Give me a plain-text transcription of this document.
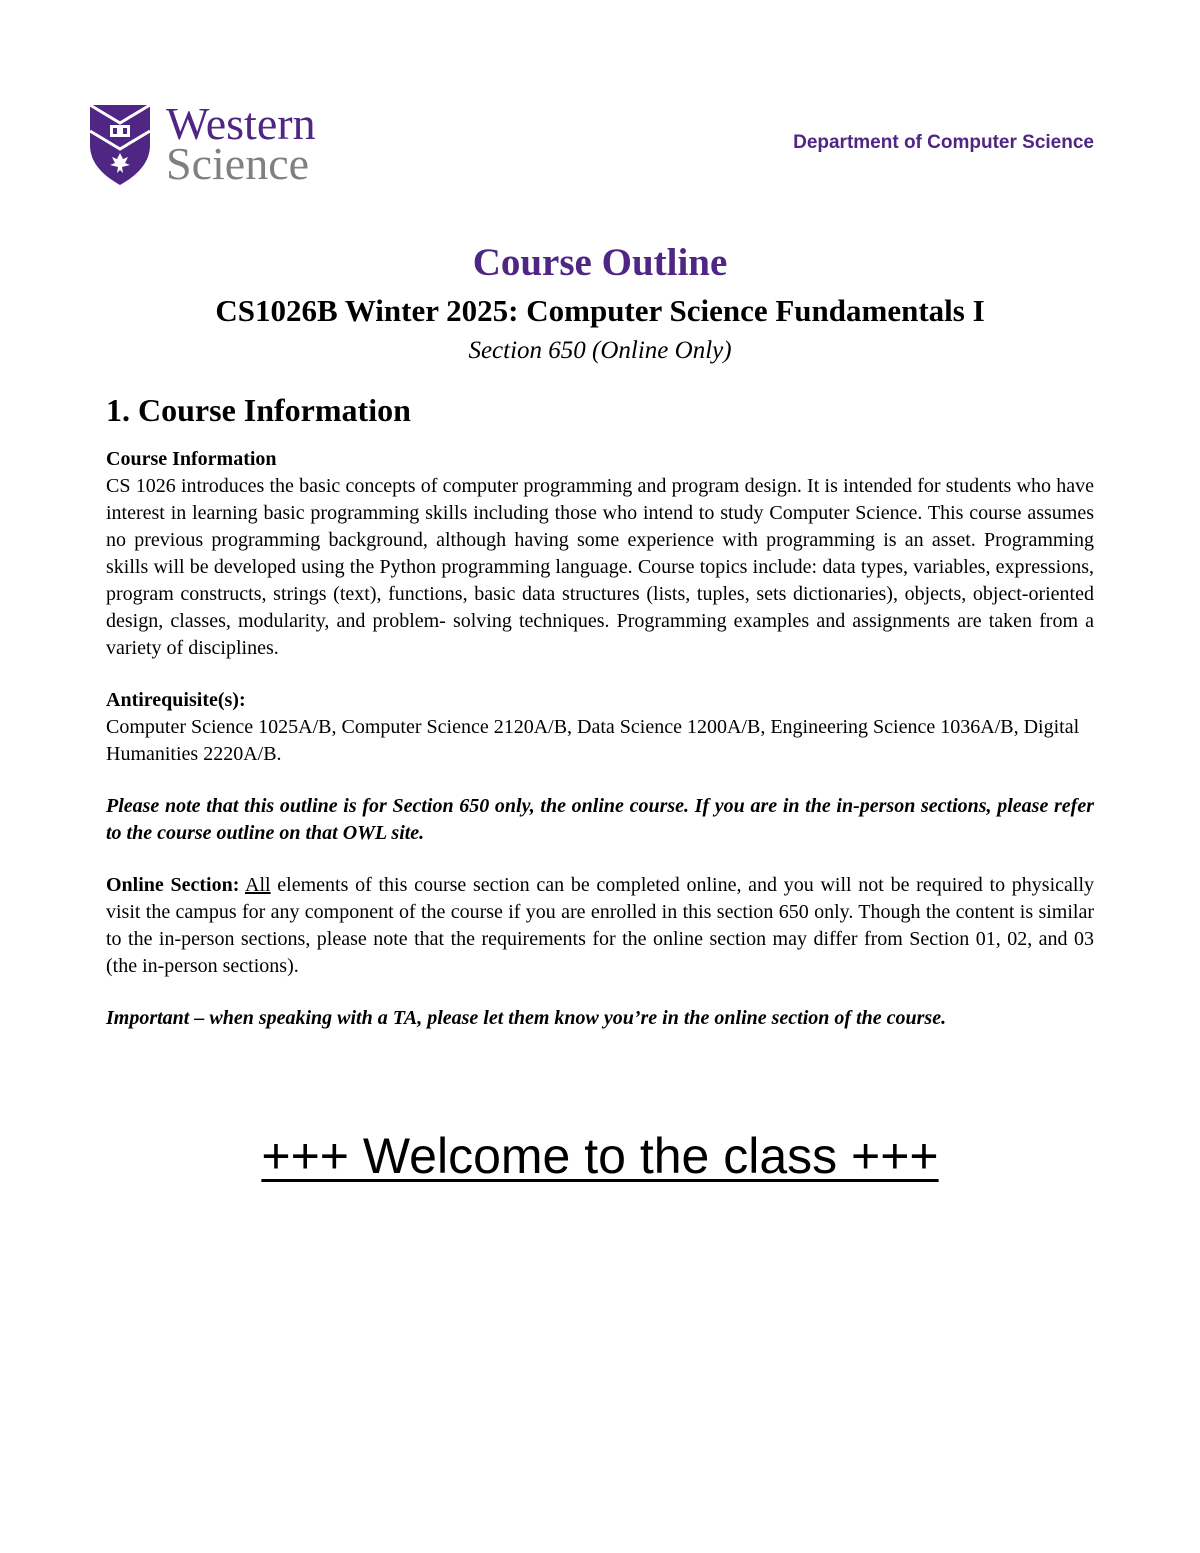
Western
Science	Department of Computer Science
Course Outline
CS1026B Winter 2025: Computer Science Fundamentals I
Section 650 (Online Only)
1. Course Information

Course Information
CS 1026 introduces the basic concepts of computer programming and program design. It is intended for students who have interest in learning basic programming skills including those who intend to study Computer Science. This course assumes no previous programming background, although having some experience with programming is an asset. Programming skills will be developed using the Python programming language. Course topics include: data types, variables, expressions, program constructs, strings (text), functions, basic data structures (lists, tuples, sets dictionaries), objects, object-oriented design, classes, modularity, and problem- solving techniques. Programming examples and assignments are taken from a variety of disciplines.

Antirequisite(s):
Computer Science 1025A/B, Computer Science 2120A/B, Data Science 1200A/B, Engineering Science 1036A/B, Digital Humanities 2220A/B.

Please note that this outline is for Section 650 only, the online course. If you are in the in-person sections, please refer to the course outline on that OWL site.

Online Section: All elements of this course section can be completed online, and you will not be required to physically visit the campus for any component of the course if you are enrolled in this section 650 only. Though the content is similar to the in-person sections, please note that the requirements for the online section may differ from Section 01, 02, and 03 (the in-person sections).

Important – when speaking with a TA, please let them know you’re in the online section of the course.

+++ Welcome to the class +++
